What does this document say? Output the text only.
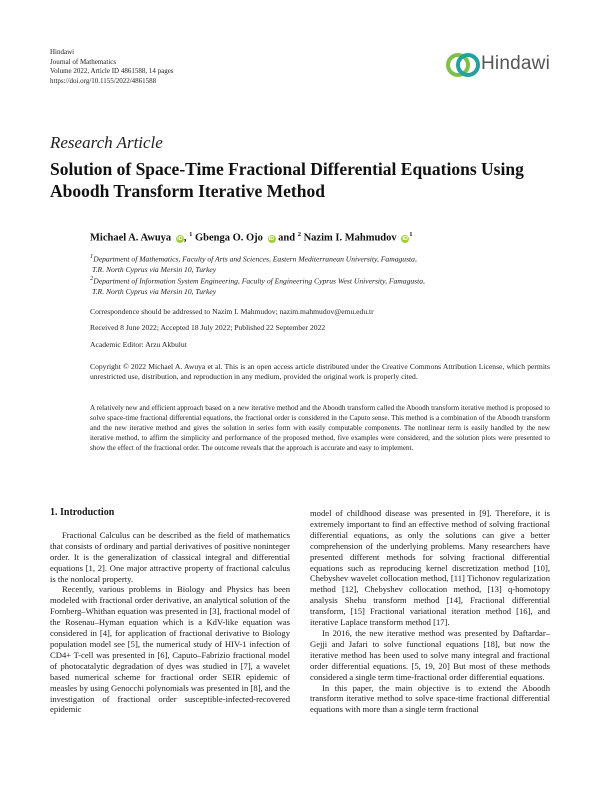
Hindawi
Journal of Mathematics
Volume 2022, Article ID 4861588, 14 pages
https://doi.org/10.1155/2022/4861588
Hindawi
Research Article
Solution of Space-Time Fractional Differential Equations Using Aboodh Transform Iterative Method
Michael A. Awuya iD, $^1$ Gbenga O. Ojo iD and $^2$ Nazim I. Mahmudov $iD^1$
$^1$Department of Mathematics, Faculty of Arts and Sciences, Eastern Mediterranean University, Famagusta,
T.R. North Cyprus via Mersin 10, Turkey
$^2$Department of Information System Engineering, Faculty of Engineering Cyprus West University, Famagusta,
T.R. North Cyprus via Mersin 10, Turkey
Correspondence should be addressed to Nazim I. Mahmudov; nazim.mahmudov@emu.edu.tr
Received 8 June 2022; Accepted 18 July 2022; Published 22 September 2022
Academic Editor: Arzu Akbulut
Copyright © 2022 Michael A. Awuya et al. This is an open access article distributed under the Creative Commons Attribution License, which permits unrestricted use, distribution, and reproduction in any medium, provided the original work is properly cited.
A relatively new and efficient approach based on a new iterative method and the Aboodh transform called the Aboodh transform iterative method is proposed to solve space-time fractional differential equations, the fractional order is considered in the Caputo sense. This method is a combination of the Aboodh transform and the new iterative method and gives the solution in series form with easily computable components. The nonlinear term is easily handled by the new iterative method, to affirm the simplicity and performance of the proposed method, five examples were considered, and the solution plots were presented to show the effect of the fractional order. The outcome reveals that the approach is accurate and easy to implement.

1. Introduction

Fractional Calculus can be described as the field of mathematics that consists of ordinary and partial derivatives of positive noninteger order. It is the generalization of classical integral and differential equations [1, 2]. One major attractive property of fractional calculus is the nonlocal property.

Recently, various problems in Biology and Physics has been modeled with fractional order derivative, an analytical solution of the Fornberg–Whithan equation was presented in [3], fractional model of the Rosenau–Hyman equation which is a KdV-like equation was considered in [4], for application of fractional derivative to Biology population model see [5], the numerical study of HIV-1 infection of CD4+ T-cell was presented in [6], Caputo–Fabrizio fractional model of photocatalytic degradation of dyes was studied in [7], a wavelet based numerical scheme for fractional order SEIR epidemic of measles by using Genocchi polynomials was presented in [8], and the investigation of fractional order susceptible-infected-recovered epidemic

model of childhood disease was presented in [9]. Therefore, it is extremely important to find an effective method of solving fractional differential equations, as only the solutions can give a better comprehension of the underlying problems. Many researchers have presented different methods for solving fractional differential equations such as reproducing kernel discretization method [10], Chebyshev wavelet collocation method, [11] Tichonov regularization method [12], Chebyshev collocation method, [13] q-homotopy analysis Shehu transform method [14], Fractional differential transform, [15] Fractional variational iteration method [16], and iterative Laplace transform method [17].

In 2016, the new iterative method was presented by Daftardar–Gejji and Jafari to solve functional equations [18], but now the iterative method has been used to solve many integral and fractional order differential equations. [5, 19, 20] But most of these methods considered a single term time-fractional order differential equations.

In this paper, the main objective is to extend the Aboodh transform iterative method to solve space-time fractional differential equations with more than a single term fractional
